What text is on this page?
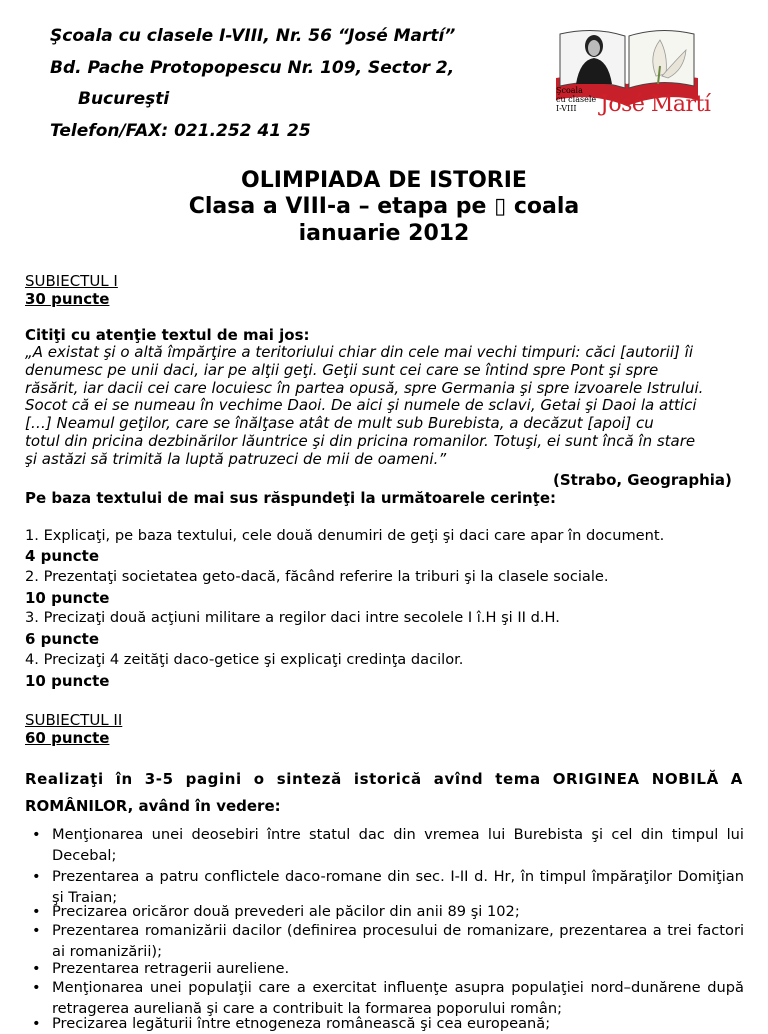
Şcoala cu clasele I-VIII, Nr. 56 “José Martí”
Bd. Pache Protopopescu Nr. 109, Sector 2,
Bucureşti
Telefon/FAX: 021.252 41 25
Şcoala
cu clasele
I-VIII	José Martí
OLIMPIADA DE ISTORIE
Clasa a VIII-a – etapa pe ▯ coala
ianuarie 2012
SUBIECTUL I
30 puncte
Citiţi cu atenţie textul de mai jos:
„A existat şi o altă împărţire a teritoriului chiar din cele mai vechi timpuri: căci [autorii] îi
denumesc pe unii daci, iar pe alţii geţi. Geţii sunt cei care se întind spre Pont şi spre
răsărit, iar dacii cei care locuiesc în partea opusă, spre Germania şi spre izvoarele Istrului.
Socot că ei se numeau în vechime Daoi. De aici şi numele de sclavi, Getai şi Daoi la attici
[…] Neamul geţilor, care se înălţase atât de mult sub Burebista, a decăzut [apoi] cu
totul din pricina dezbinărilor lăuntrice şi din pricina romanilor. Totuşi, ei sunt încă în stare
şi astăzi să trimită la luptă patruzeci de mii de oameni.”
(Strabo, Geographia)
Pe baza textului de mai sus răspundeţi la următoarele cerinţe:
1. Explicaţi, pe baza textului, cele două denumiri de geţi şi daci care apar în document.
4 puncte
2. Prezentaţi societatea geto-dacă, făcând referire la triburi şi la clasele sociale.
10 puncte
3. Precizaţi două acţiuni militare a regilor daci intre secolele I î.H şi II d.H.
6 puncte
4. Precizaţi 4 zeităţi daco-getice şi explicaţi credinţa dacilor.
10 puncte
SUBIECTUL II
60 puncte
Realizaţi în 3-5 pagini o sinteză istorică avînd tema ORIGINEA NOBILĂ A
ROMÂNILOR, având în vedere:
• Menţionarea unei deosebiri între statul dac din vremea lui Burebista şi cel din timpul lui Decebal;
• Prezentarea a patru conflictele daco-romane din sec. I-II d. Hr, în timpul împăraţilor Domiţian şi Traian;
• Precizarea oricăror două prevederi ale păcilor din anii 89 şi 102;
• Prezentarea romanizării dacilor (definirea procesului de romanizare, prezentarea a trei factori ai romanizării);
• Prezentarea retragerii aureliene.
• Menţionarea unei populaţii care a exercitat influenţe asupra populaţiei nord–dunărene după retragerea aureliană şi care a contribuit la formarea poporului român;
• Precizarea legăturii între etnogeneza românească şi cea europeană;
